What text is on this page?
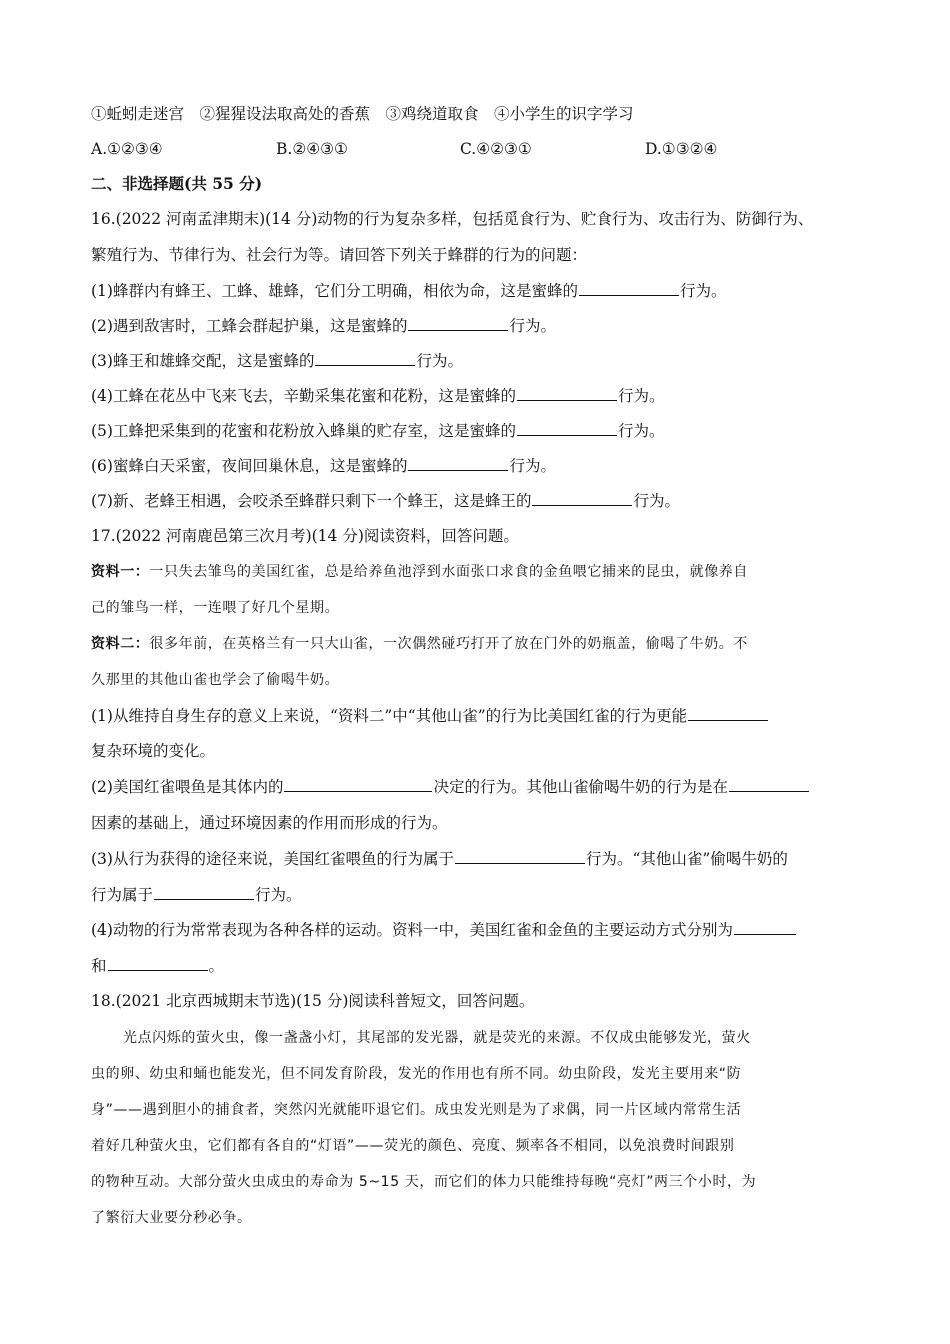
①蚯蚓走迷宫　②猩猩设法取高处的香蕉　③鸡绕道取食　④小学生的识字学习
A.①②③④	B.②④③①	C.④②③①	D.①③②④
二、非选择题(共 55 分)
16.(2022 河南孟津期末)(14 分)动物的行为复杂多样，包括觅食行为、贮食行为、攻击行为、防御行为、
繁殖行为、节律行为、社会行为等。请回答下列关于蜂群的行为的问题：
(1)蜂群内有蜂王、工蜂、雄蜂，它们分工明确，相依为命，这是蜜蜂的	行为。
(2)遇到敌害时，工蜂会群起护巢，这是蜜蜂的	行为。
(3)蜂王和雄蜂交配，这是蜜蜂的	行为。
(4)工蜂在花丛中飞来飞去，辛勤采集花蜜和花粉，这是蜜蜂的	行为。
(5)工蜂把采集到的花蜜和花粉放入蜂巢的贮存室，这是蜜蜂的	行为。
(6)蜜蜂白天采蜜，夜间回巢休息，这是蜜蜂的	行为。
(7)新、老蜂王相遇，会咬杀至蜂群只剩下一个蜂王，这是蜂王的	行为。
17.(2022 河南鹿邑第三次月考)(14 分)阅读资料，回答问题。
资料一：一只失去雏鸟的美国红雀，总是给养鱼池浮到水面张口求食的金鱼喂它捕来的昆虫，就像养自
己的雏鸟一样，一连喂了好几个星期。
资料二：很多年前，在英格兰有一只大山雀，一次偶然碰巧打开了放在门外的奶瓶盖，偷喝了牛奶。不
久那里的其他山雀也学会了偷喝牛奶。
(1)从维持自身生存的意义上来说，“资料二”中“其他山雀”的行为比美国红雀的行为更能
复杂环境的变化。
(2)美国红雀喂鱼是其体内的	决定的行为。其他山雀偷喝牛奶的行为是在
因素的基础上，通过环境因素的作用而形成的行为。
(3)从行为获得的途径来说，美国红雀喂鱼的行为属于	行为。“其他山雀”偷喝牛奶的
行为属于	行为。
(4)动物的行为常常表现为各种各样的运动。资料一中，美国红雀和金鱼的主要运动方式分别为
和	。
18.(2021 北京西城期末节选)(15 分)阅读科普短文，回答问题。
光点闪烁的萤火虫，像一盏盏小灯，其尾部的发光器，就是荧光的来源。不仅成虫能够发光，萤火
虫的卵、幼虫和蛹也能发光，但不同发育阶段，发光的作用也有所不同。幼虫阶段，发光主要用来“防
身”——遇到胆小的捕食者，突然闪光就能吓退它们。成虫发光则是为了求偶，同一片区域内常常生活
着好几种萤火虫，它们都有各自的“灯语”——荧光的颜色、亮度、频率各不相同，以免浪费时间跟别
的物种互动。大部分萤火虫成虫的寿命为 5~15 天，而它们的体力只能维持每晚“亮灯”两三个小时，为
了繁衍大业要分秒必争。
